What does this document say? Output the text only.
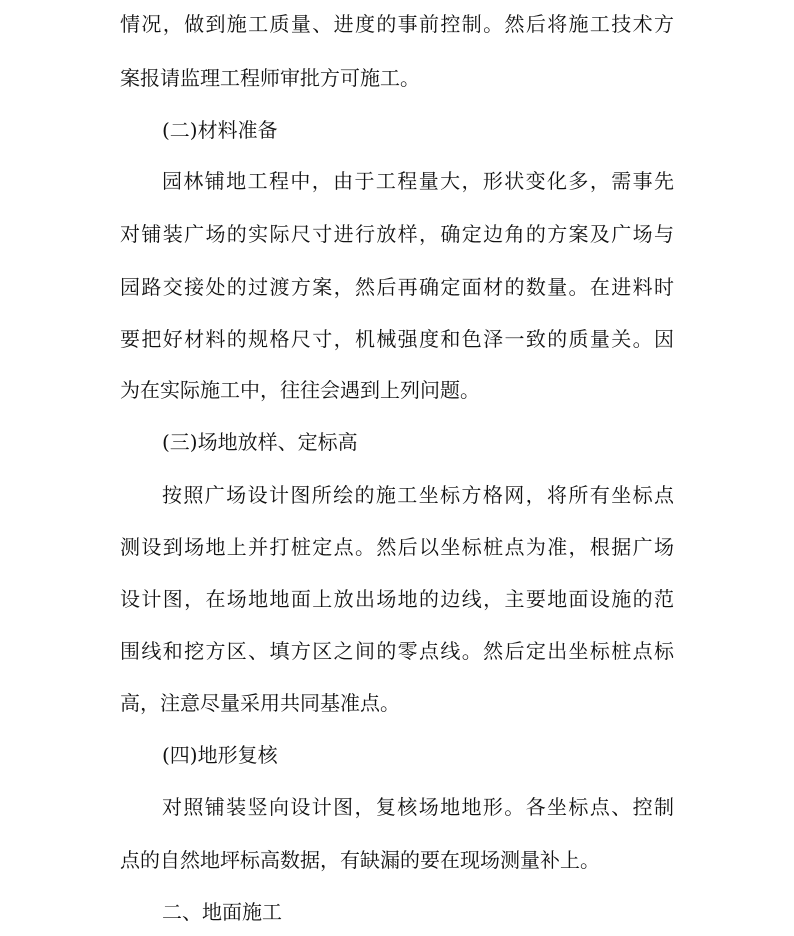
情况，做到施工质量、进度的事前控制。然后将施工技术方
案报请监理工程师审批方可施工。
(二)材料准备
园林铺地工程中，由于工程量大，形状变化多，需事先
对铺装广场的实际尺寸进行放样，确定边角的方案及广场与
园路交接处的过渡方案，然后再确定面材的数量。在进料时
要把好材料的规格尺寸，机械强度和色泽一致的质量关。因
为在实际施工中，往往会遇到上列问题。
(三)场地放样、定标高
按照广场设计图所绘的施工坐标方格网，将所有坐标点
测设到场地上并打桩定点。然后以坐标桩点为准，根据广场
设计图，在场地地面上放出场地的边线，主要地面设施的范
围线和挖方区、填方区之间的零点线。然后定出坐标桩点标
高，注意尽量采用共同基准点。
(四)地形复核
对照铺装竖向设计图，复核场地地形。各坐标点、控制
点的自然地坪标高数据，有缺漏的要在现场测量补上。
二、地面施工
